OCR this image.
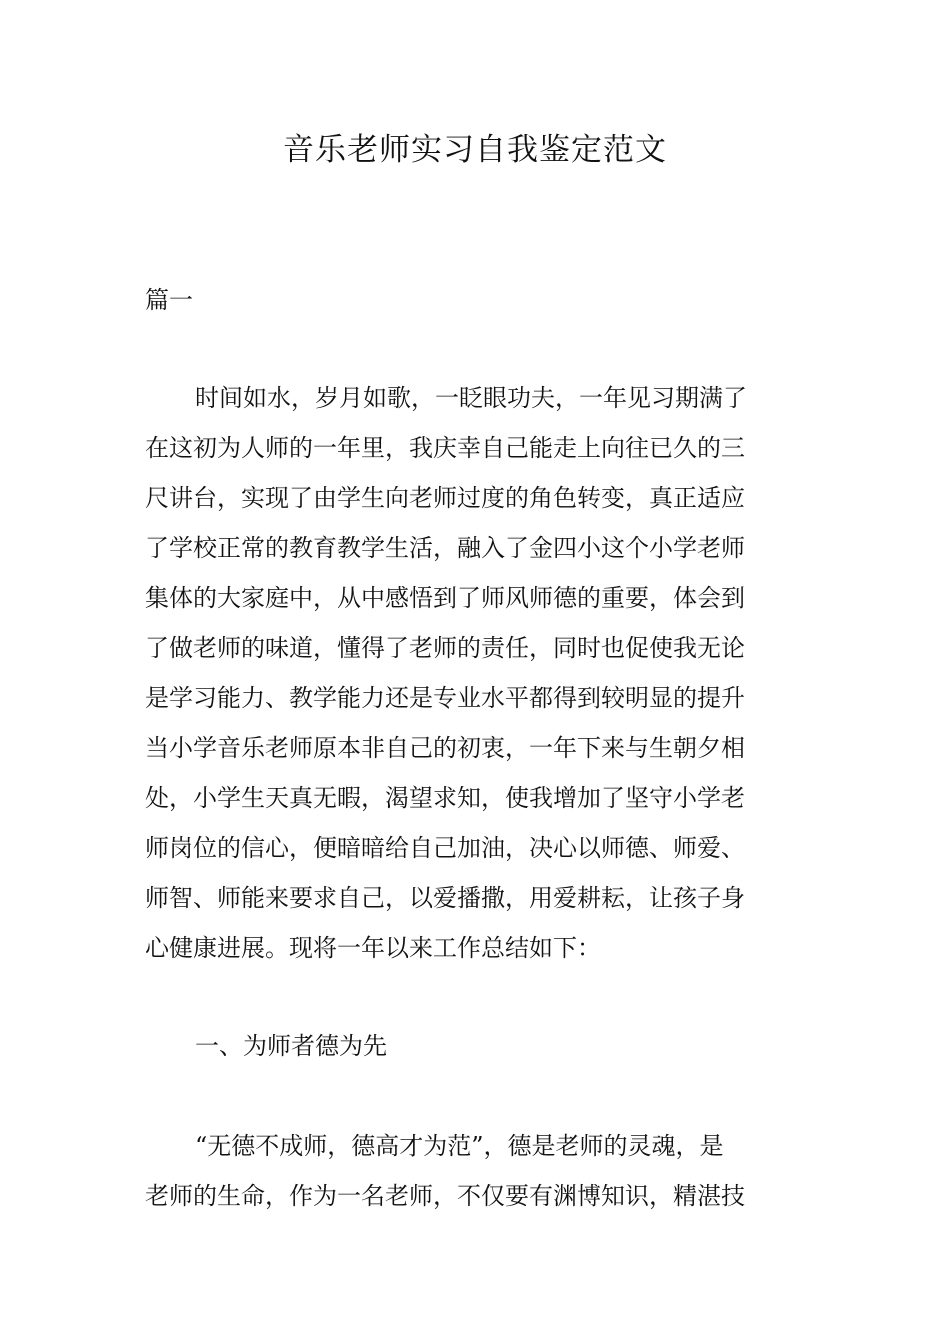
音乐老师实习自我鉴定范文

篇一

时间如水，岁月如歌，一眨眼功夫，一年见习期满了

在这初为人师的一年里，我庆幸自己能走上向往已久的三

尺讲台，实现了由学生向老师过度的角色转变，真正适应

了学校正常的教育教学生活，融入了金四小这个小学老师

集体的大家庭中，从中感悟到了师风师德的重要，体会到

了做老师的味道，懂得了老师的责任，同时也促使我无论

是学习能力、教学能力还是专业水平都得到较明显的提升

当小学音乐老师原本非自己的初衷，一年下来与生朝夕相

处，小学生天真无暇，渴望求知，使我增加了坚守小学老

师岗位的信心，便暗暗给自己加油，决心以师德、师爱、

师智、师能来要求自己，以爱播撒，用爱耕耘，让孩子身

心健康进展。现将一年以来工作总结如下：

一、为师者德为先

“无德不成师，德高才为范”，德是老师的灵魂，是

老师的生命，作为一名老师，不仅要有渊博知识，精湛技
